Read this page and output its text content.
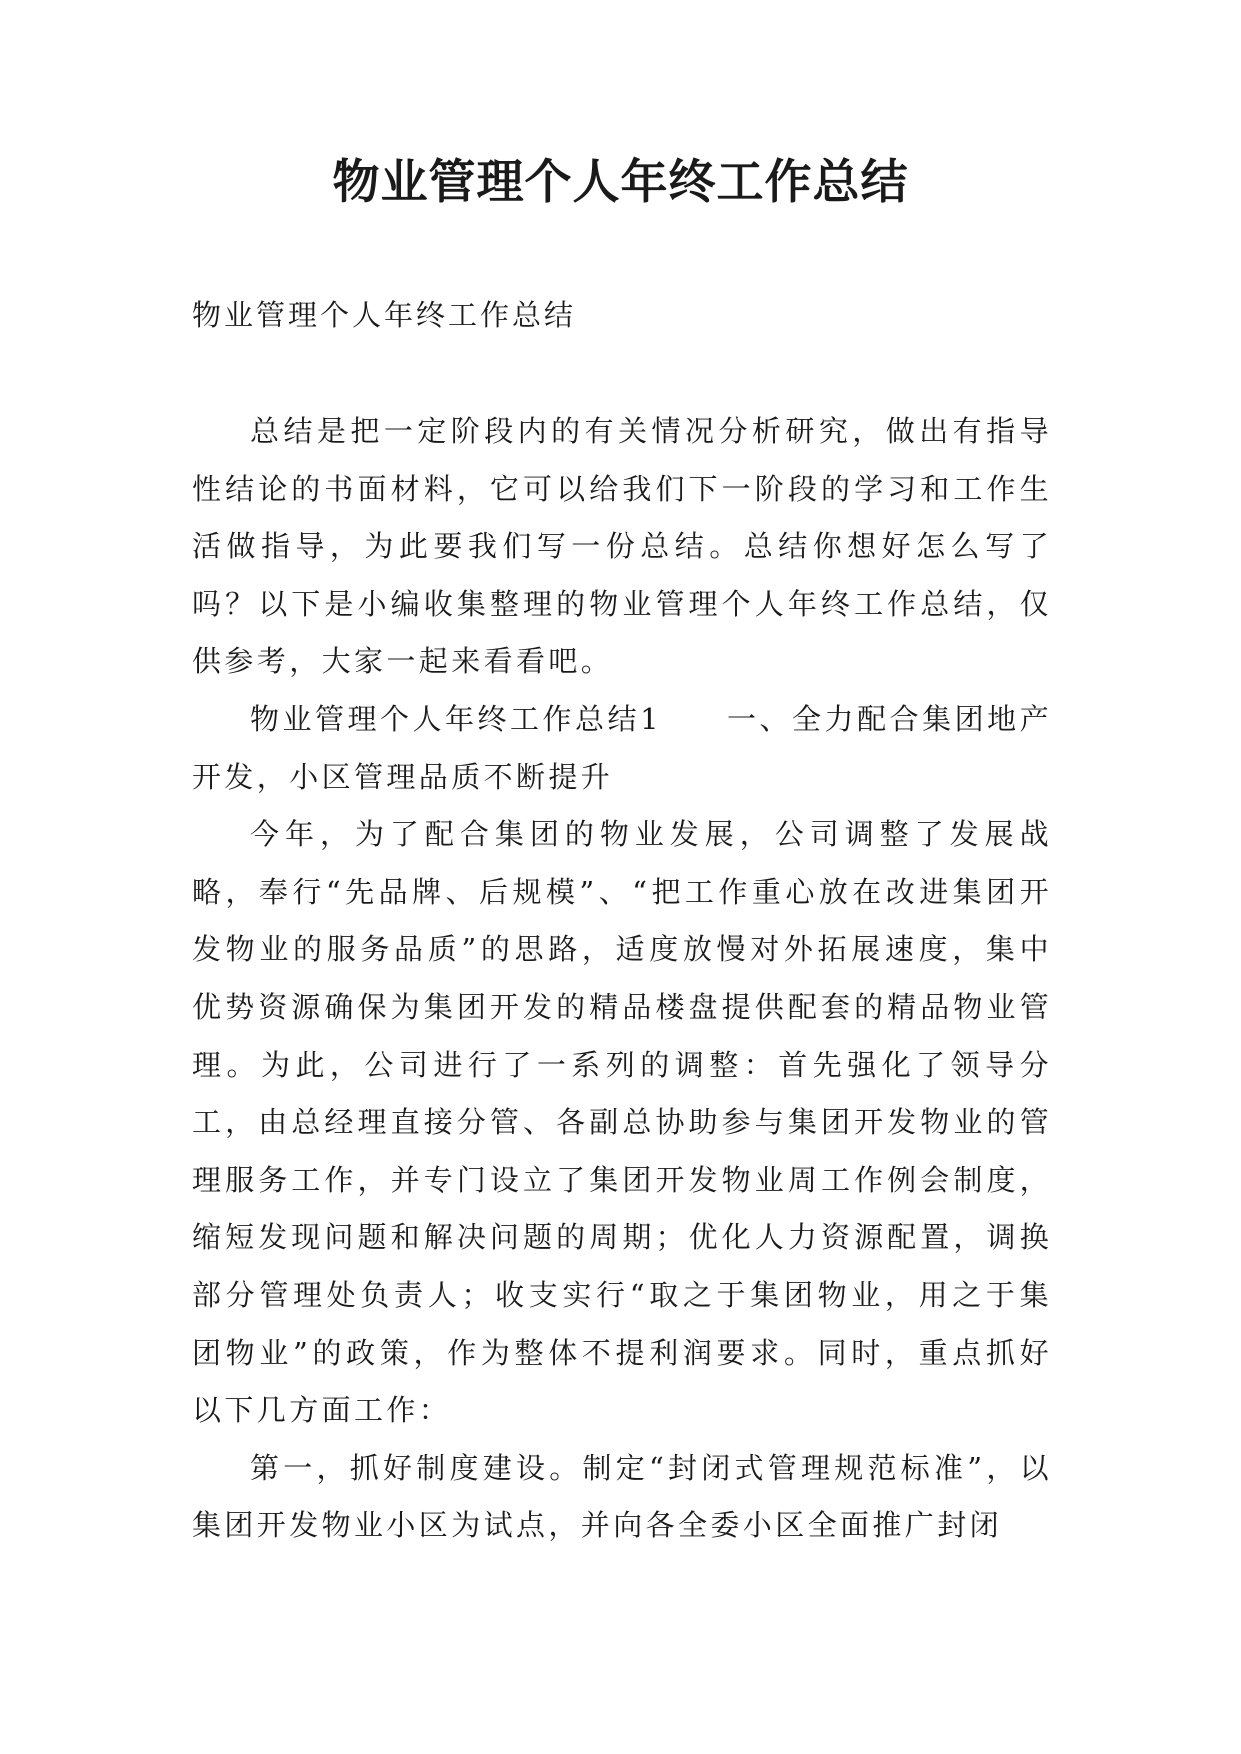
物业管理个人年终工作总结
物业管理个人年终工作总结

总结是把一定阶段内的有关情况分析研究，做出有指导性结论的书面材料，它可以给我们下一阶段的学习和工作生活做指导，为此要我们写一份总结。总结你想好怎么写了吗？以下是小编收集整理的物业管理个人年终工作总结，仅供参考，大家一起来看看吧。

物业管理个人年终工作总结1　　一、全力配合集团地产开发，小区管理品质不断提升

今年，为了配合集团的物业发展，公司调整了发展战略，奉行“先品牌、后规模”、“把工作重心放在改进集团开发物业的服务品质”的思路，适度放慢对外拓展速度，集中优势资源确保为集团开发的精品楼盘提供配套的精品物业管理。为此，公司进行了一系列的调整：首先强化了领导分工，由总经理直接分管、各副总协助参与集团开发物业的管理服务工作，并专门设立了集团开发物业周工作例会制度，缩短发现问题和解决问题的周期；优化人力资源配置，调换部分管理处负责人；收支实行“取之于集团物业，用之于集团物业”的政策，作为整体不提利润要求。同时，重点抓好以下几方面工作：

第一，抓好制度建设。制定“封闭式管理规范标准”，以集团开发物业小区为试点，并向各全委小区全面推广封闭
